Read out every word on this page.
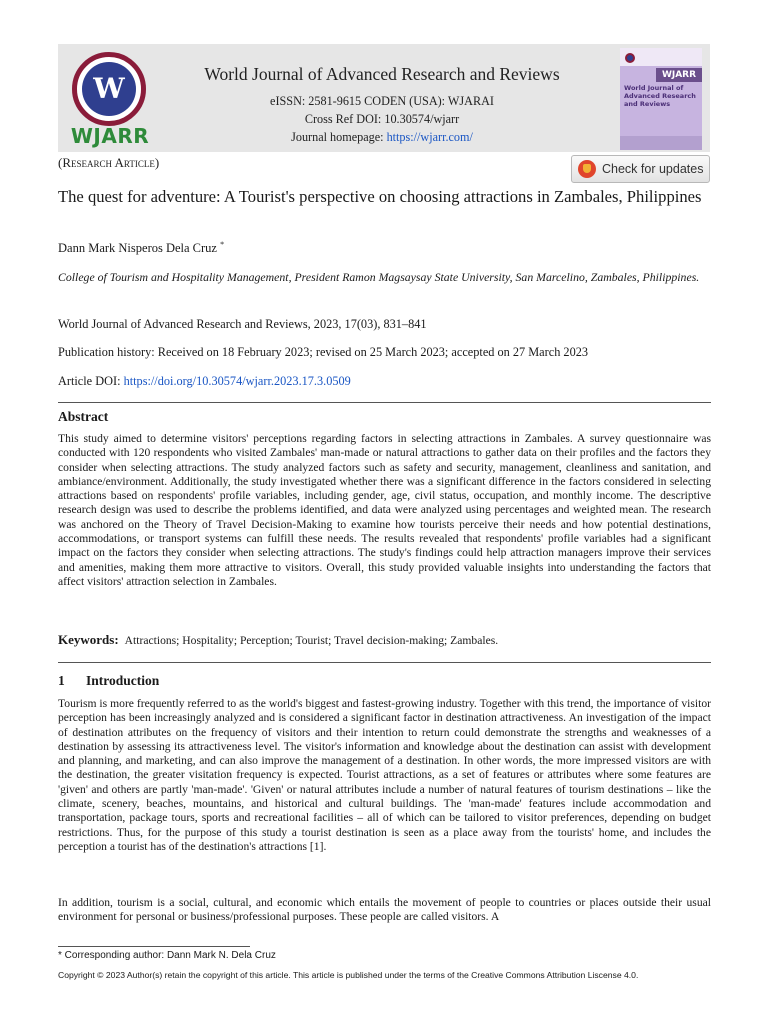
W
WJARR
World Journal of Advanced Research and Reviews
eISSN: 2581-9615 CODEN (USA): WJARAI
Cross Ref DOI: 10.30574/wjarr
Journal homepage: https://wjarr.com/
WJARR
World Journal of Advanced Research and Reviews
(Research Article)	Check for updates
The quest for adventure: A Tourist's perspective on choosing attractions in Zambales, Philippines
Dann Mark Nisperos Dela Cruz *
College of Tourism and Hospitality Management, President Ramon Magsaysay State University, San Marcelino, Zambales, Philippines.
World Journal of Advanced Research and Reviews, 2023, 17(03), 831–841
Publication history: Received on 18 February 2023; revised on 25 March 2023; accepted on 27 March 2023
Article DOI: https://doi.org/10.30574/wjarr.2023.17.3.0509
Abstract
This study aimed to determine visitors' perceptions regarding factors in selecting attractions in Zambales. A survey questionnaire was conducted with 120 respondents who visited Zambales' man-made or natural attractions to gather data on their profiles and the factors they consider when selecting attractions. The study analyzed factors such as safety and security, management, cleanliness and sanitation, and ambiance/environment. Additionally, the study investigated whether there was a significant difference in the factors considered in selecting attractions based on respondents' profile variables, including gender, age, civil status, occupation, and monthly income. The descriptive research design was used to describe the problems identified, and data were analyzed using percentages and weighted mean. The research was anchored on the Theory of Travel Decision-Making to examine how tourists perceive their needs and how potential destinations, accommodations, or transport systems can fulfill these needs. The results revealed that respondents' profile variables had a significant impact on the factors they consider when selecting attractions. The study's findings could help attraction managers improve their services and amenities, making them more attractive to visitors. Overall, this study provided valuable insights into understanding the factors that affect visitors' attraction selection in Zambales.
Keywords: Attractions; Hospitality; Perception; Tourist; Travel decision-making; Zambales.
1 Introduction
Tourism is more frequently referred to as the world's biggest and fastest-growing industry. Together with this trend, the importance of visitor perception has been increasingly analyzed and is considered a significant factor in destination attractiveness. An investigation of the impact of destination attributes on the frequency of visitors and their intention to return could demonstrate the strengths and weaknesses of a destination by assessing its attractiveness level. The visitor's information and knowledge about the destination can assist with development and planning, and marketing, and can also improve the management of a destination. In other words, the more impressed visitors are with the destination, the greater visitation frequency is expected. Tourist attractions, as a set of features or attributes where some features are 'given' and others are partly 'man-made'. 'Given' or natural attributes include a number of natural features of tourism destinations – like the climate, scenery, beaches, mountains, and historical and cultural buildings. The 'man-made' features include accommodation and transportation, package tours, sports and recreational facilities – all of which can be tailored to visitor preferences, depending on budget restrictions. Thus, for the purpose of this study a tourist destination is seen as a place away from the tourists' home, and includes the perception a tourist has of the destination's attractions [1].
In addition, tourism is a social, cultural, and economic which entails the movement of people to countries or places outside their usual environment for personal or business/professional purposes. These people are called visitors. A
* Corresponding author: Dann Mark N. Dela Cruz
Copyright © 2023 Author(s) retain the copyright of this article. This article is published under the terms of the Creative Commons Attribution Liscense 4.0.
